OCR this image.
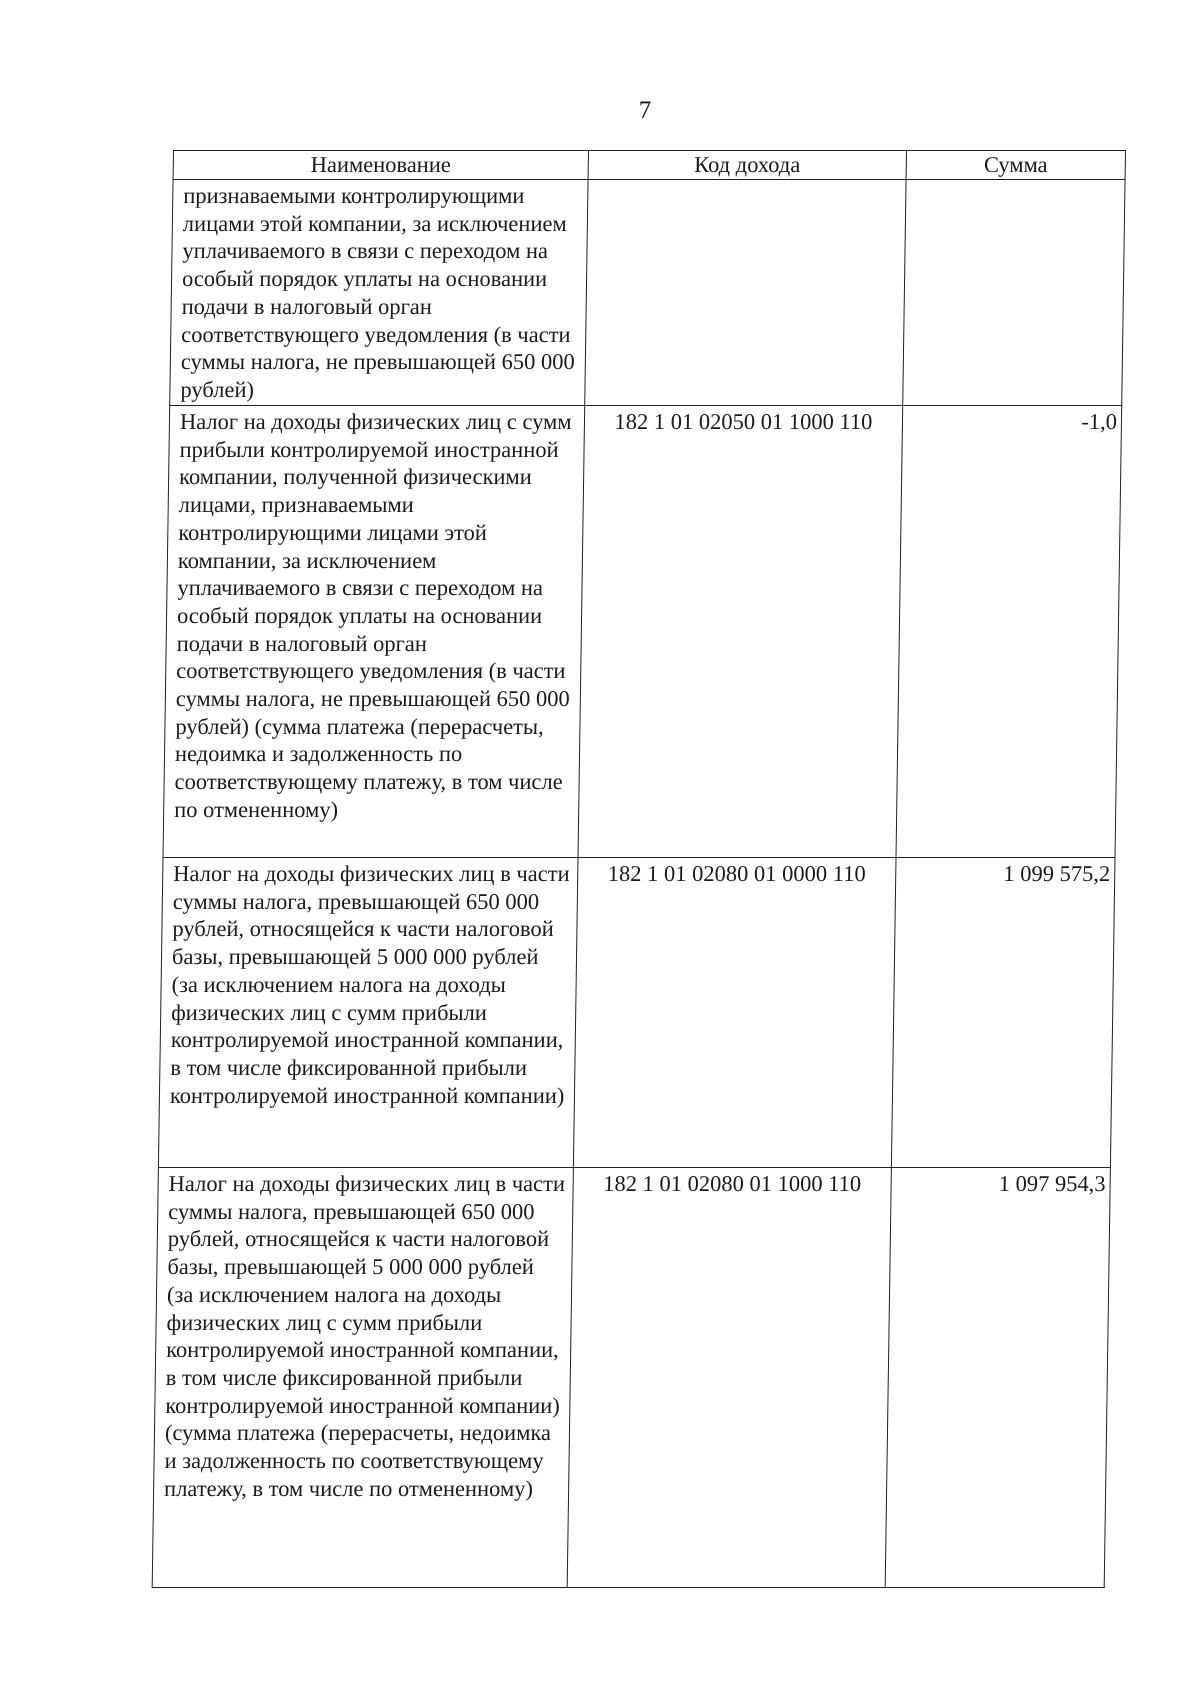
7
Наименование	Код дохода	Сумма
признаваемыми контролирующими лицами этой компании, за исключением уплачиваемого в связи с переходом на особый порядок уплаты на основании подачи в налоговый орган соответствующего уведомления (в части суммы налога, не превышающей 650 000 рублей)		
Налог на доходы физических лиц с сумм прибыли контролируемой иностранной компании, полученной физическими лицами, признаваемыми контролирующими лицами этой компании, за исключением уплачиваемого в связи с переходом на особый порядок уплаты на основании подачи в налоговый орган соответствующего уведомления (в части суммы налога, не превышающей 650 000 рублей) (сумма платежа (перерасчеты, недоимка и задолженность по соответствующему платежу, в том числе по отмененному)	182 1 01 02050 01 1000 110	-1,0
Налог на доходы физических лиц в части суммы налога, превышающей 650 000 рублей, относящейся к части налоговой базы, превышающей 5 000 000 рублей (за исключением налога на доходы физических лиц с сумм прибыли контролируемой иностранной компании, в том числе фиксированной прибыли контролируемой иностранной компании)	182 1 01 02080 01 0000 110	1 099 575,2
Налог на доходы физических лиц в части суммы налога, превышающей 650 000 рублей, относящейся к части налоговой базы, превышающей 5 000 000 рублей (за исключением налога на доходы физических лиц с сумм прибыли контролируемой иностранной компании, в том числе фиксированной прибыли контролируемой иностранной компании) (сумма платежа (перерасчеты, недоимка и задолженность по соответствующему платежу, в том числе по отмененному)	182 1 01 02080 01 1000 110	1 097 954,3
